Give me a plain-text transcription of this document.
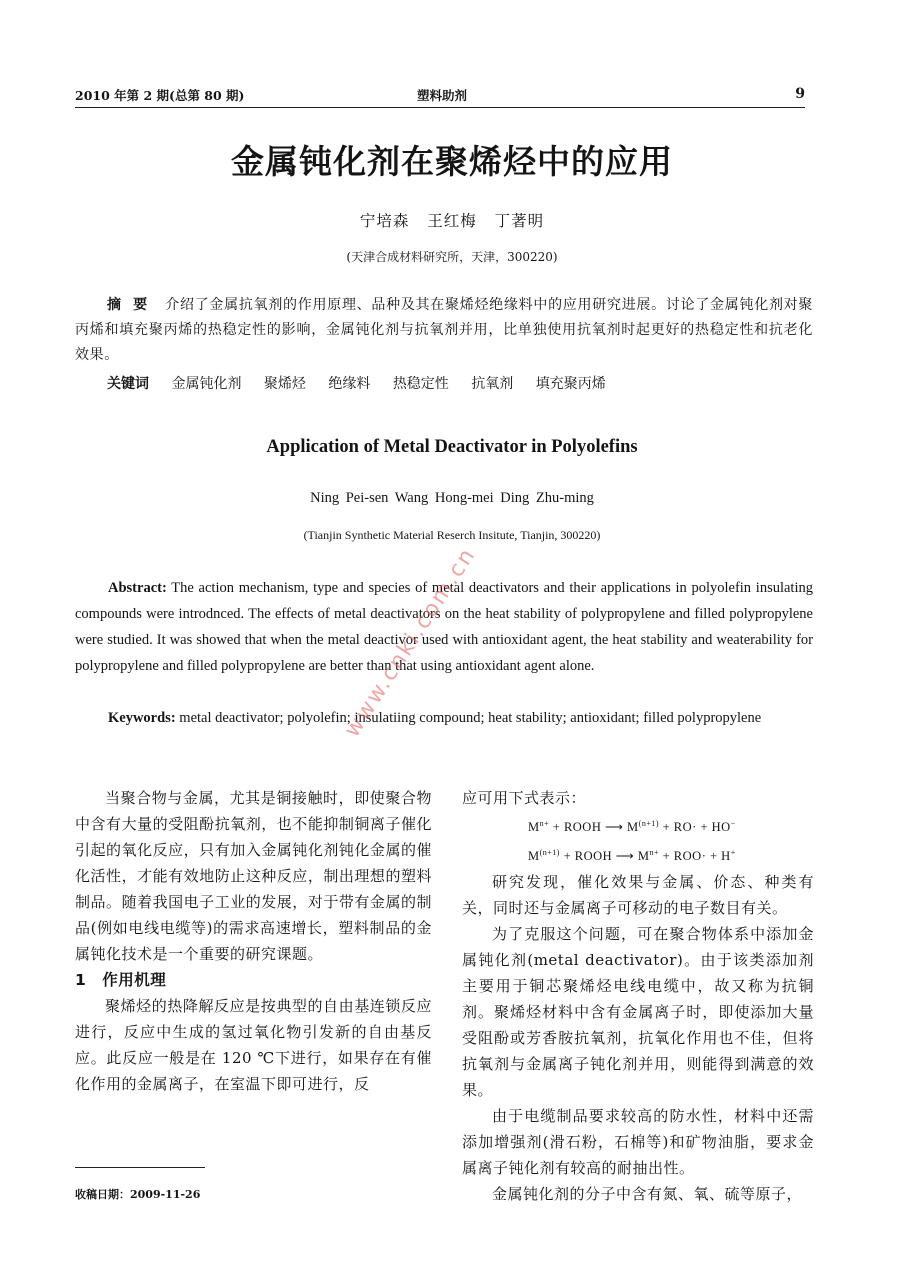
2010 年第 2 期(总第 80 期)	塑料助剂	9
金属钝化剂在聚烯烃中的应用
宁培森 王红梅 丁著明
(天津合成材料研究所，天津，300220)
摘要 介绍了金属抗氧剂的作用原理、品种及其在聚烯烃绝缘料中的应用研究进展。讨论了金属钝化剂对聚丙烯和填充聚丙烯的热稳定性的影响，金属钝化剂与抗氧剂并用，比单独使用抗氧剂时起更好的热稳定性和抗老化效果。
关键词 金属钝化剂 聚烯烃 绝缘料 热稳定性 抗氧剂 填充聚丙烯
Application of Metal Deactivator in Polyolefins
Ning Pei-sen Wang Hong-mei Ding Zhu-ming
(Tianjin Synthetic Material Reserch Insitute, Tianjin, 300220)
Abstract: The action mechanism, type and species of metal deactivators and their applications in polyolefin insulating compounds were introdnced. The effects of metal deactivators on the heat stability of polypropylene and filled polypropylene were studied. It was showed that when the metal deactivor used with antioxidant agent, the heat stability and weaterability for polypropylene and filled polypropylene are better than that using antioxidant agent alone.
Keywords: metal deactivator; polyolefin; insulatiing compound; heat stability; antioxidant; filled polypropylene
www.cnki.com.cn

当聚合物与金属，尤其是铜接触时，即使聚合物中含有大量的受阻酚抗氧剂，也不能抑制铜离子催化引起的氧化反应，只有加入金属钝化剂钝化金属的催化活性，才能有效地防止这种反应，制出理想的塑料制品。随着我国电子工业的发展，对于带有金属的制品(例如电线电缆等)的需求高速增长，塑料制品的金属钝化技术是一个重要的研究课题。

1 作用机理

聚烯烃的热降解反应是按典型的自由基连锁反应进行，反应中生成的氢过氧化物引发新的自由基反应。此反应一般是在 120 ℃下进行，如果存在有催化作用的金属离子，在室温下即可进行，反

应可用下式表示：

$M^{n+}$ + ROOH ⟶ $M^{(n+1)} + RO\cdot + HO^-$

$M^{(n+1)}$ + ROOH ⟶ $M^{n+} + ROO\cdot + H^+$

研究发现，催化效果与金属、价态、种类有关，同时还与金属离子可移动的电子数目有关。

为了克服这个问题，可在聚合物体系中添加金属钝化剂(metal deactivator)。由于该类添加剂主要用于铜芯聚烯烃电线电缆中，故又称为抗铜剂。聚烯烃材料中含有金属离子时，即使添加大量受阻酚或芳香胺抗氧剂，抗氧化作用也不佳，但将抗氧剂与金属离子钝化剂并用，则能得到满意的效果。

由于电缆制品要求较高的防水性，材料中还需添加增强剂(滑石粉，石棉等)和矿物油脂，要求金属离子钝化剂有较高的耐抽出性。

金属钝化剂的分子中含有氮、氧、硫等原子，

收稿日期：2009-11-26
